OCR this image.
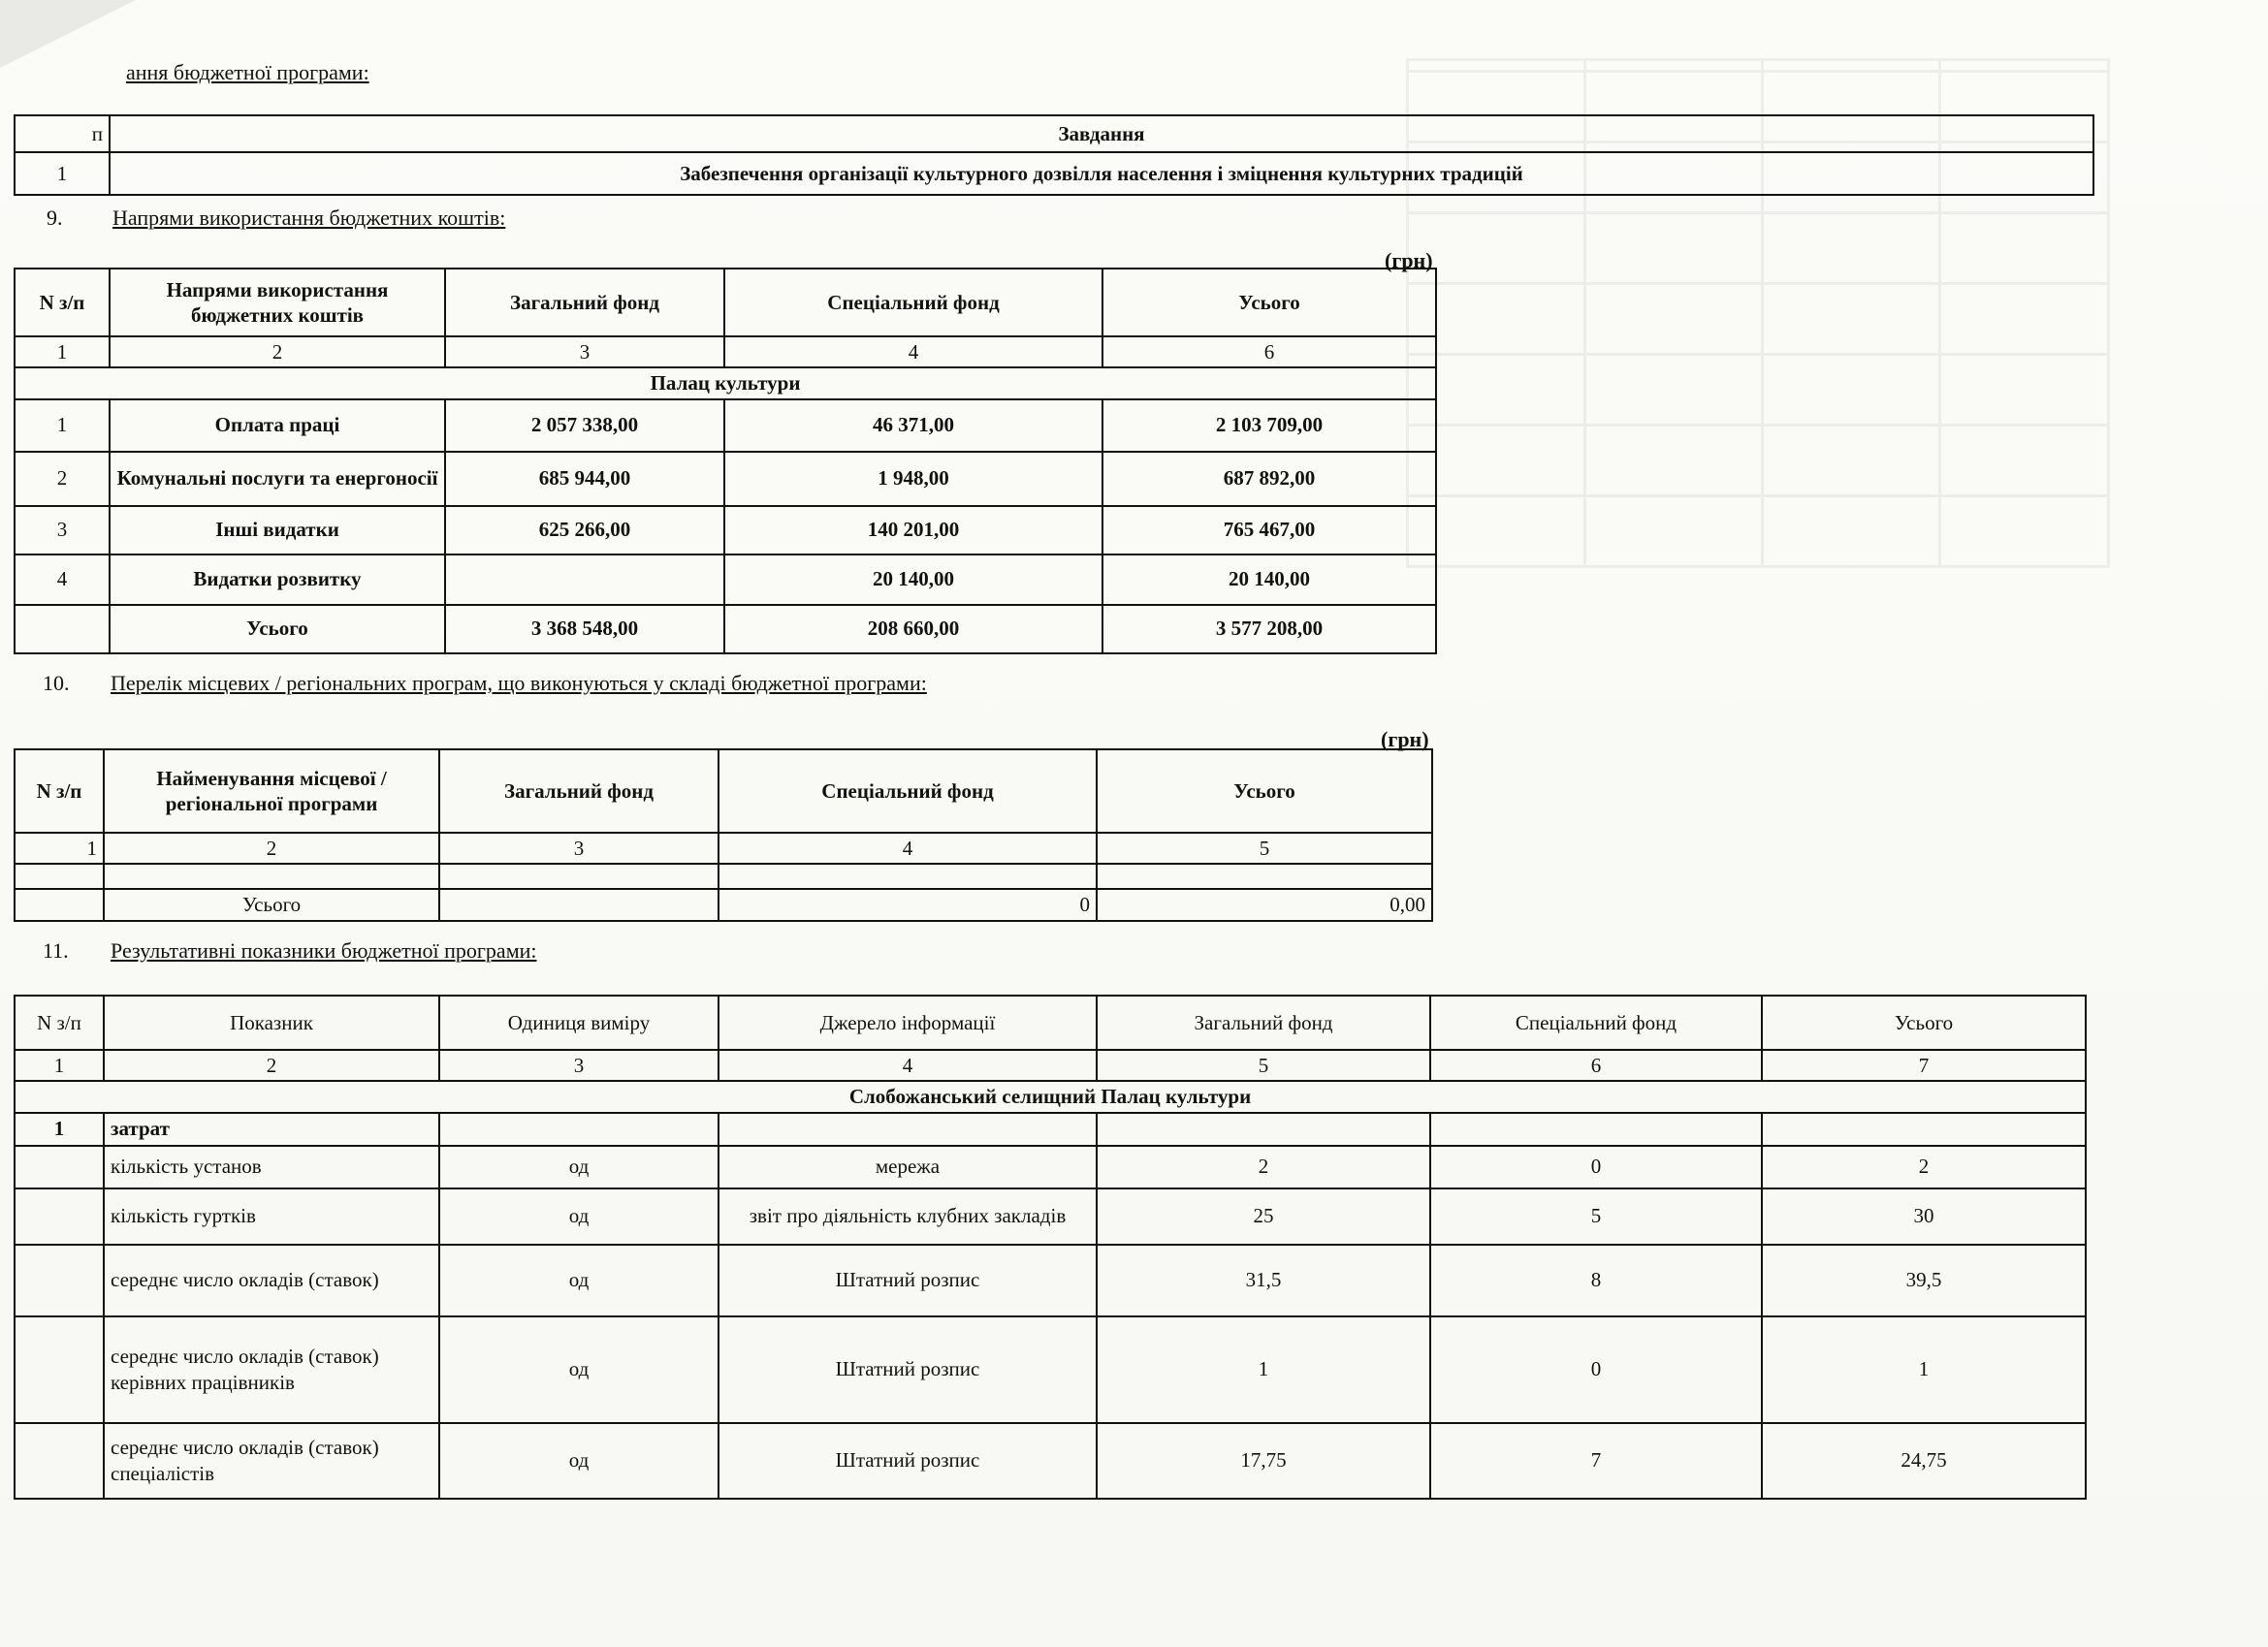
ання бюджетної програми:
п	Завдання
1	Забезпечення організації культурного дозвілля населення і зміцнення культурних традицій
9. Напрями використання бюджетних коштів:
(грн)
N з/п	Напрями використання бюджетних коштів	Загальний фонд	Спеціальний фонд	Усього
1	2	3	4	6
Палац культури				
1	Оплата праці	2 057 338,00	46 371,00	2 103 709,00
2	Комунальні послуги та енергоносії	685 944,00	1 948,00	687 892,00
3	Інші видатки	625 266,00	140 201,00	765 467,00
4	Видатки розвитку		20 140,00	20 140,00
	Усього	3 368 548,00	208 660,00	3 577 208,00
10. Перелік місцевих / регіональних програм, що виконуються у складі бюджетної програми:
(грн)
N з/п	Найменування місцевої / регіональної програми	Загальний фонд	Спеціальний фонд	Усього
1	2	3	4	5

	Усього		0	0,00
11. Результативні показники бюджетної програми:
N з/п	Показник	Одиниця виміру	Джерело інформації	Загальний фонд	Спеціальний фонд	Усього
1	2	3	4	5	6	7
Слобожанський селищний Палац культури						
1	затрат					
	кількість установ	од	мережа	2	0	2
	кількість гуртків	од	звіт про діяльність клубних закладів	25	5	30
	середнє число окладів (ставок)	од	Штатний розпис	31,5	8	39,5
	середнє число окладів (ставок) керівних працівників	од	Штатний розпис	1	0	1
	середнє число окладів (ставок) спеціалістів	од	Штатний розпис	17,75	7	24,75
